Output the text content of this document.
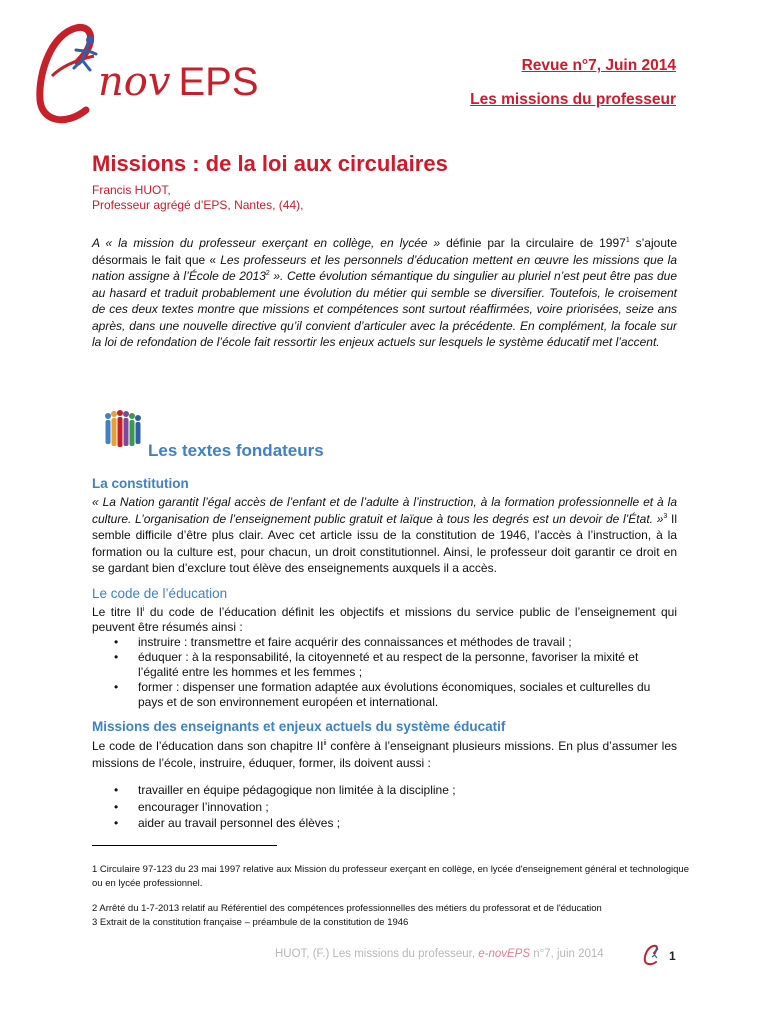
nov EPS	Revue n°7, Juin 2014
Les missions du professeur
Missions : de la loi aux circulaires
Francis HUOT,
Professeur agrégé d’EPS, Nantes, (44),
A « la mission du professeur exerçant en collège, en lycée » définie par la circulaire de 1997$^1$ s’ajoute désormais le fait que « Les professeurs et les personnels d’éducation mettent en œuvre les missions que la nation assigne à l’École de 2013$^2$ ». Cette évolution sémantique du singulier au pluriel n’est peut être pas due au hasard et traduit probablement une évolution du métier qui semble se diversifier. Toutefois, le croisement de ces deux textes montre que missions et compétences sont surtout réaffirmées, voire priorisées, seize ans après, dans une nouvelle directive qu’il convient d’articuler avec la précédente. En complément, la focale sur la loi de refondation de l’école fait ressortir les enjeux actuels sur lesquels le système éducatif met l’accent.
Les textes fondateurs
La constitution
« La Nation garantit l’égal accès de l’enfant et de l’adulte à l’instruction, à la formation professionnelle et à la culture. L’organisation de l’enseignement public gratuit et laïque à tous les degrés est un devoir de l’État. »$^3$ Il semble difficile d’être plus clair. Avec cet article issu de la constitution de 1946, l’accès à l’instruction, à la formation ou la culture est, pour chacun, un droit constitutionnel. Ainsi, le professeur doit garantir ce droit en se gardant bien d’exclure tout élève des enseignements auxquels il a accès.
Le code de l’éducation
Le titre $II^i$ du code de l’éducation définit les objectifs et missions du service public de l’enseignement qui peuvent être résumés ainsi :
• instruire : transmettre et faire acquérir des connaissances et méthodes de travail ;
• éduquer : à la responsabilité, la citoyenneté et au respect de la personne, favoriser la mixité et l’égalité entre les hommes et les femmes ;
• former : dispenser une formation adaptée aux évolutions économiques, sociales et culturelles du pays et de son environnement européen et international.
Missions des enseignants et enjeux actuels du système éducatif
Le code de l’éducation dans son chapitre II$^{ii}$ confère à l’enseignant plusieurs missions. En plus d’assumer les missions de l’école, instruire, éduquer, former, ils doivent aussi :
• travailler en équipe pédagogique non limitée à la discipline ;
• encourager l’innovation ;
• aider au travail personnel des élèves ;
1 Circulaire 97-123 du 23 mai 1997 relative aux Mission du professeur exerçant en collège, en lycée d'enseignement général et technologique ou en lycée professionnel.
2 Arrêté du 1-7-2013 relatif au Référentiel des compétences professionnelles des métiers du professorat et de l'éducation
3 Extrait de la constitution française – préambule de la constitution de 1946
HUOT, (F.) Les missions du professeur, e-novEPS n°7, juin 2014	1
